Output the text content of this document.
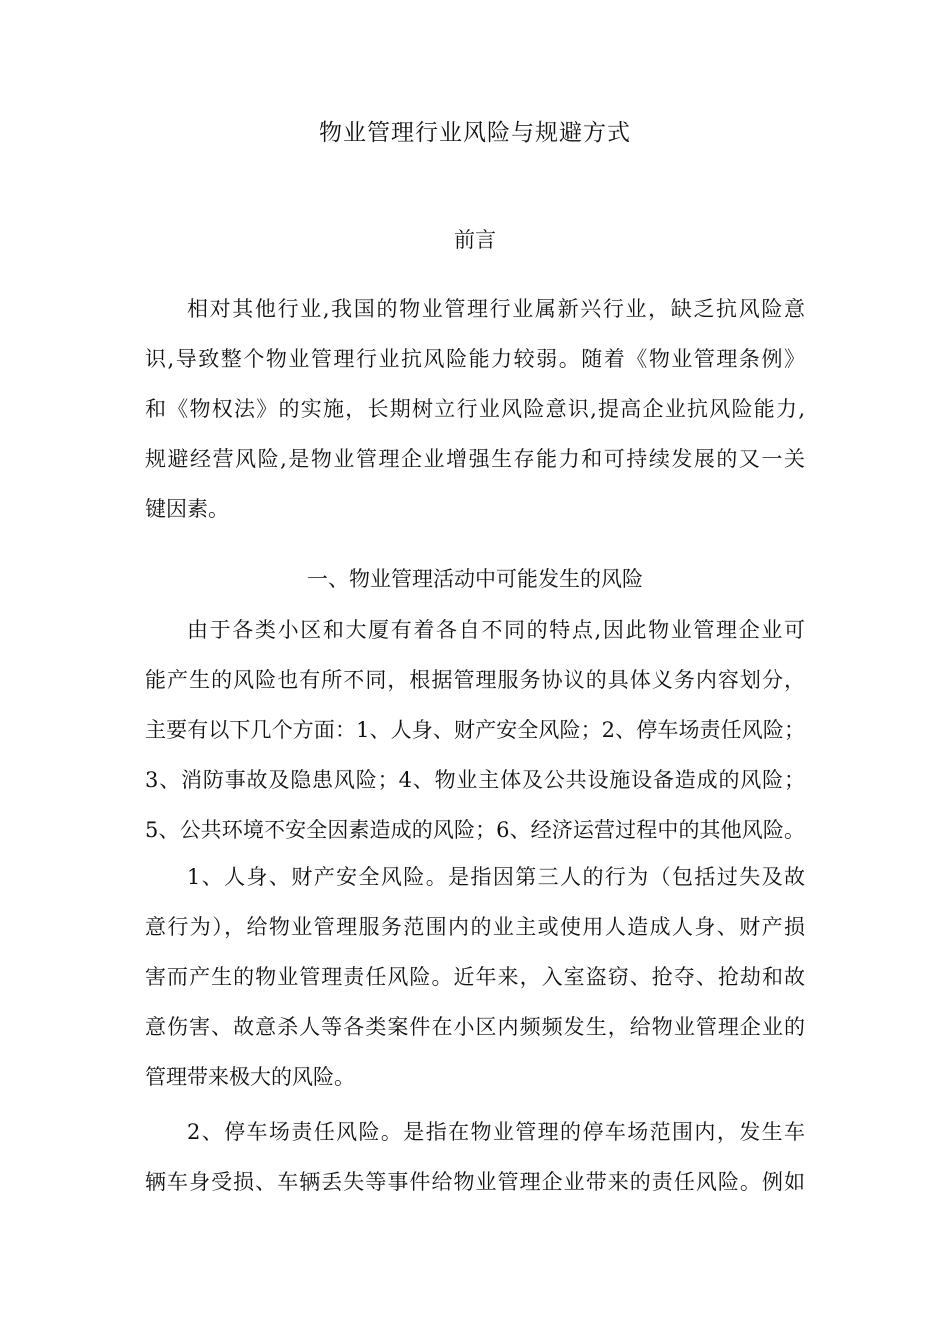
物业管理行业风险与规避方式
前言
相对其他行业,我国的物业管理行业属新兴行业，缺乏抗风险意
识,导致整个物业管理行业抗风险能力较弱。随着《物业管理条例》
和《物权法》的实施，长期树立行业风险意识,提高企业抗风险能力,
规避经营风险,是物业管理企业增强生存能力和可持续发展的又一关
键因素。
一、物业管理活动中可能发生的风险
由于各类小区和大厦有着各自不同的特点,因此物业管理企业可
能产生的风险也有所不同，根据管理服务协议的具体义务内容划分，
主要有以下几个方面：1、人身、财产安全风险；2、停车场责任风险；
3、消防事故及隐患风险；4、物业主体及公共设施设备造成的风险；
5、公共环境不安全因素造成的风险；6、经济运营过程中的其他风险。
1、人身、财产安全风险。是指因第三人的行为（包括过失及故
意行为），给物业管理服务范围内的业主或使用人造成人身、财产损
害而产生的物业管理责任风险。近年来，入室盗窃、抢夺、抢劫和故
意伤害、故意杀人等各类案件在小区内频频发生，给物业管理企业的
管理带来极大的风险。
2、停车场责任风险。是指在物业管理的停车场范围内，发生车
辆车身受损、车辆丢失等事件给物业管理企业带来的责任风险。例如
